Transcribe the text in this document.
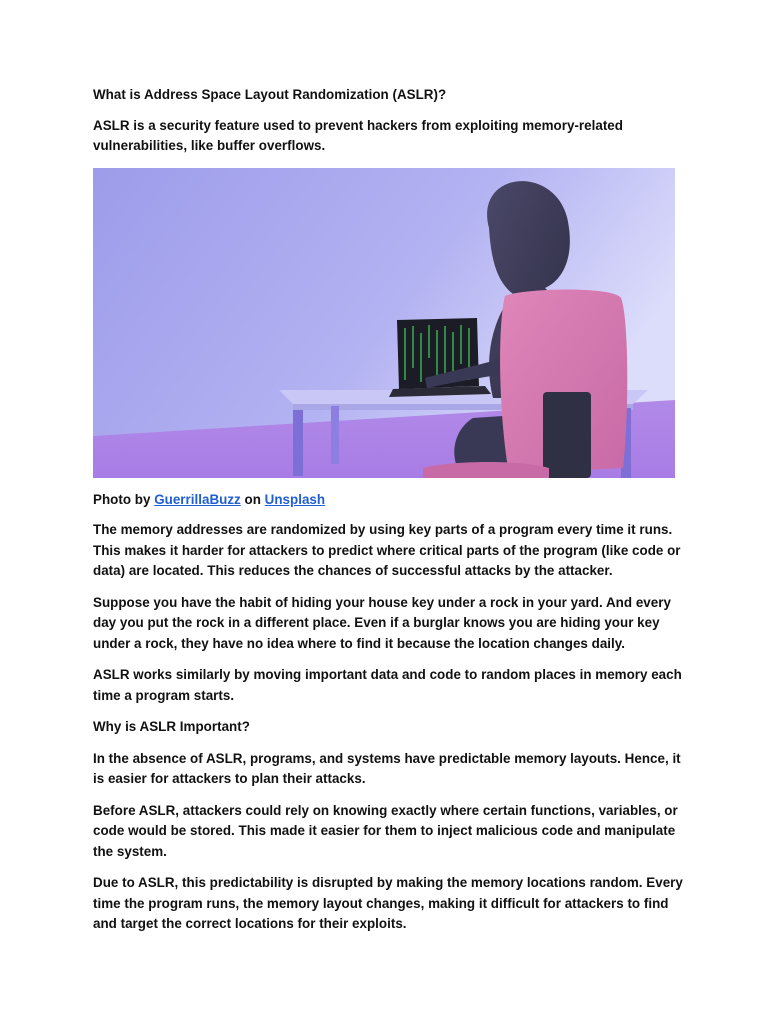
What is Address Space Layout Randomization (ASLR)?

ASLR is a security feature used to prevent hackers from exploiting memory-related vulnerabilities, like buffer overflows.

Photo by GuerrillaBuzz on Unsplash

The memory addresses are randomized by using key parts of a program every time it runs. This makes it harder for attackers to predict where critical parts of the program (like code or data) are located. This reduces the chances of successful attacks by the attacker.

Suppose you have the habit of hiding your house key under a rock in your yard. And every day you put the rock in a different place. Even if a burglar knows you are hiding your key under a rock, they have no idea where to find it because the location changes daily.

ASLR works similarly by moving important data and code to random places in memory each time a program starts.

Why is ASLR Important?

In the absence of ASLR, programs, and systems have predictable memory layouts. Hence, it is easier for attackers to plan their attacks.

Before ASLR, attackers could rely on knowing exactly where certain functions, variables, or code would be stored. This made it easier for them to inject malicious code and manipulate the system.

Due to ASLR, this predictability is disrupted by making the memory locations random. Every time the program runs, the memory layout changes, making it difficult for attackers to find and target the correct locations for their exploits.
